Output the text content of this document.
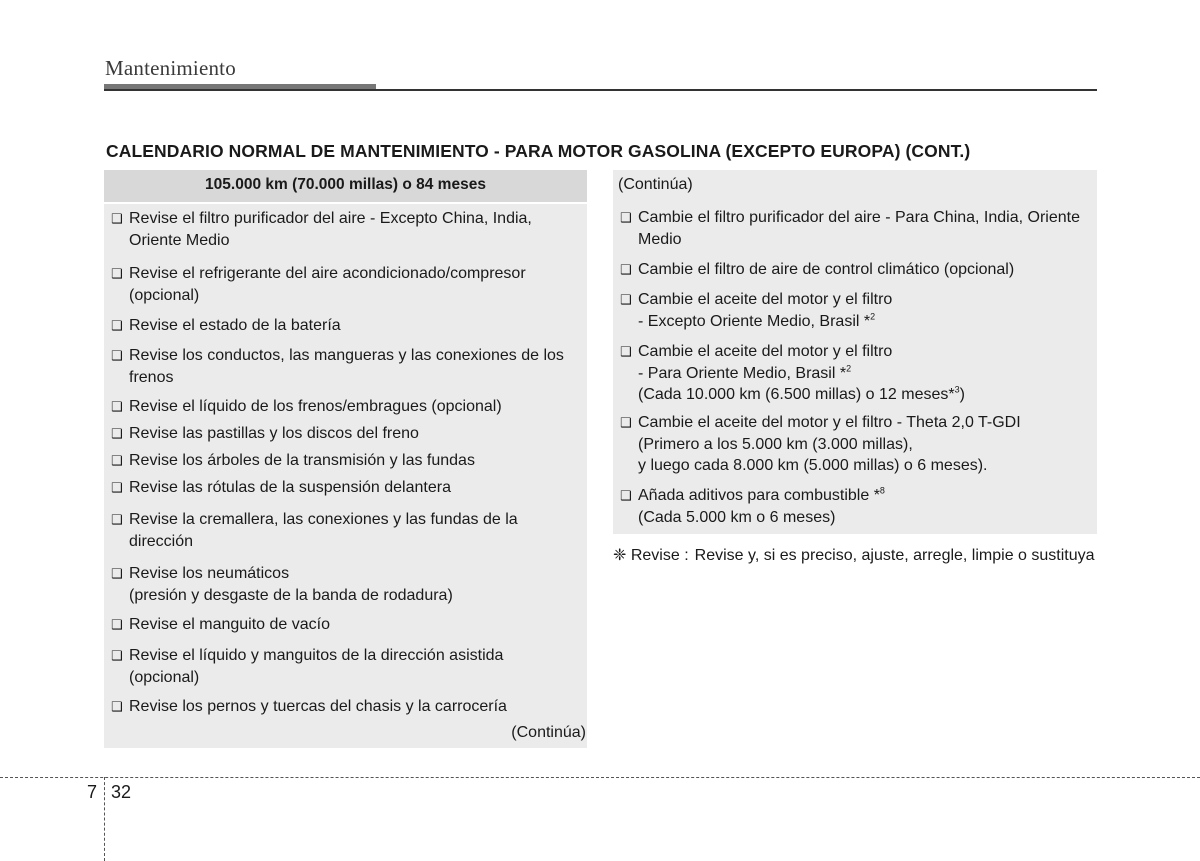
Mantenimiento
CALENDARIO NORMAL DE MANTENIMIENTO - PARA MOTOR GASOLINA (EXCEPTO EUROPA) (CONT.)
105.000 km (70.000 millas) o 84 meses
❑ Revise el filtro purificador del aire - Excepto China, India, Oriente Medio
❑ Revise el refrigerante del aire acondicionado/compresor (opcional)
❑ Revise el estado de la batería
❑ Revise los conductos, las mangueras y las conexiones de los frenos
❑ Revise el líquido de los frenos/embragues (opcional)
❑ Revise las pastillas y los discos del freno
❑ Revise los árboles de la transmisión y las fundas
❑ Revise las rótulas de la suspensión delantera
❑ Revise la cremallera, las conexiones y las fundas de la dirección
❑ Revise los neumáticos
(presión y desgaste de la banda de rodadura)
❑ Revise el manguito de vacío
❑ Revise el líquido y manguitos de la dirección asistida (opcional)
❑ Revise los pernos y tuercas del chasis y la carrocería
(Continúa)
(Continúa)
❑ Cambie el filtro purificador del aire - Para China, India, Oriente Medio
❑ Cambie el filtro de aire de control climático (opcional)
❑ Cambie el aceite del motor y el filtro
- Excepto Oriente Medio, Brasil *$^2$
❑ Cambie el aceite del motor y el filtro
- Para Oriente Medio, Brasil *$^2$
(Cada 10.000 km (6.500 millas) o 12 meses*$^3$)
❑ Cambie el aceite del motor y el filtro - Theta 2,0 T-GDI
(Primero a los 5.000 km (3.000 millas),
y luego cada 8.000 km (5.000 millas) o 6 meses).
❑ Añada aditivos para combustible *$^8$
(Cada 5.000 km o 6 meses)
❈ Revise : Revise y, si es preciso, ajuste, arregle, limpie o sustituya
7 32
